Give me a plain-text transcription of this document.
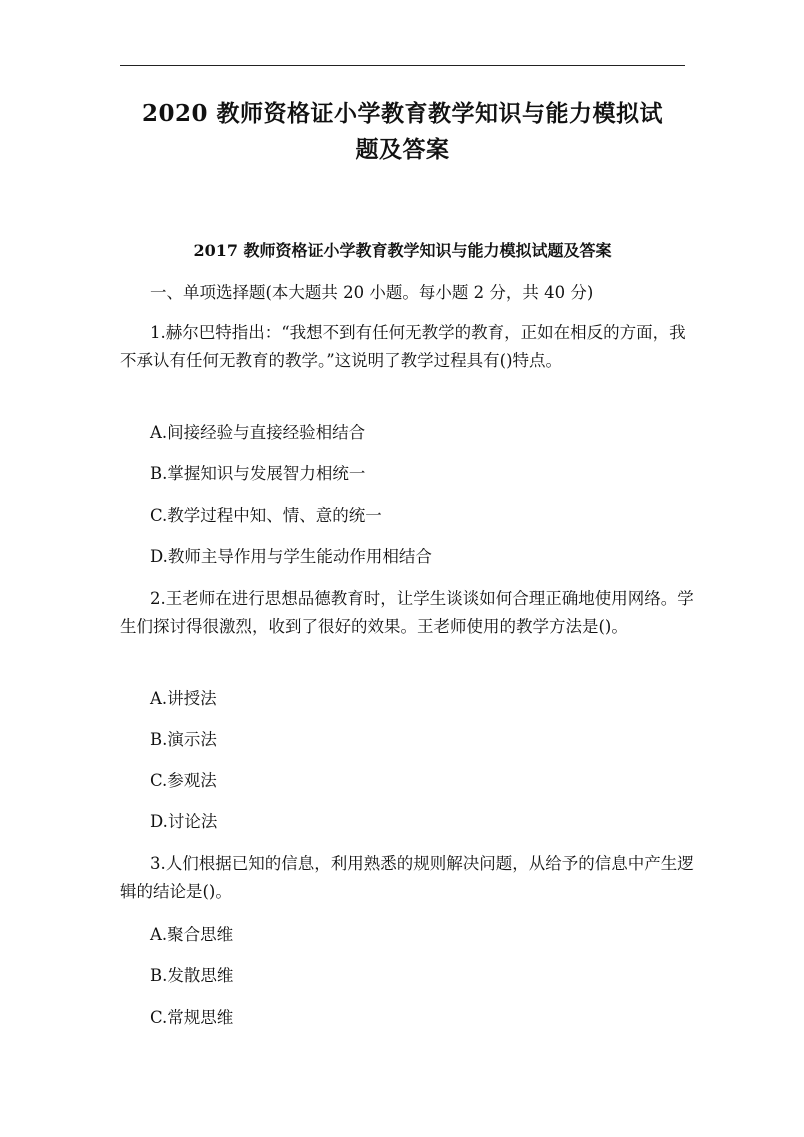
2020 教师资格证小学教育教学知识与能力模拟试
题及答案
2017 教师资格证小学教育教学知识与能力模拟试题及答案
一、单项选择题(本大题共 20 小题。每小题 2 分，共 40 分)
1.赫尔巴特指出：“我想不到有任何无教学的教育，正如在相反的方面，我不承认有任何无教育的教学。”这说明了教学过程具有()特点。
A.间接经验与直接经验相结合
B.掌握知识与发展智力相统一
C.教学过程中知、情、意的统一
D.教师主导作用与学生能动作用相结合
2.王老师在进行思想品德教育时，让学生谈谈如何合理正确地使用网络。学生们探讨得很激烈，收到了很好的效果。王老师使用的教学方法是()。
A.讲授法
B.演示法
C.参观法
D.讨论法
3.人们根据已知的信息，利用熟悉的规则解决问题，从给予的信息中产生逻辑的结论是()。
A.聚合思维
B.发散思维
C.常规思维
